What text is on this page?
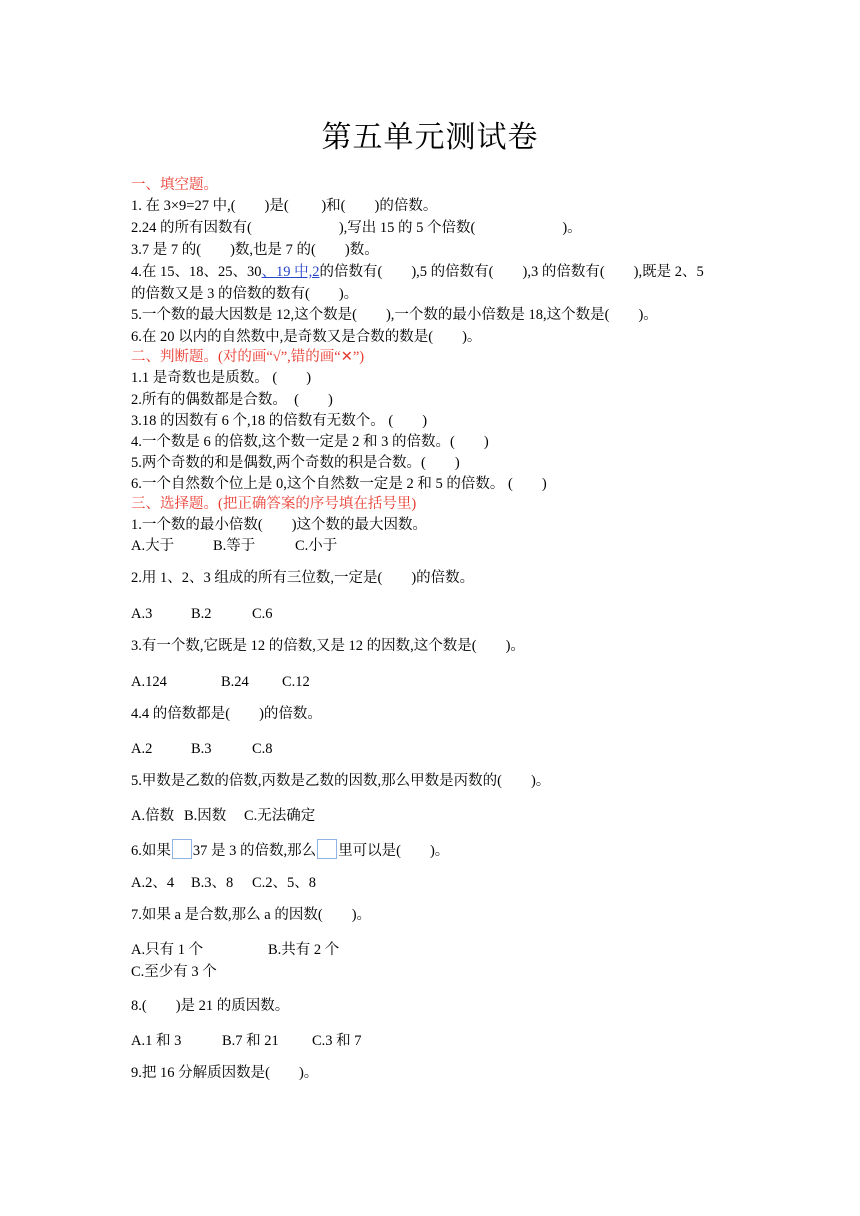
第五单元测试卷
一、填空题。
1. 在 3×9=27 中,(　　)是(　　 )和(　　)的倍数。
2.24 的所有因数有(　　　　　　),写出 15 的 5 个倍数(　　　　　　)。
3.7 是 7 的(　　)数,也是 7 的(　　)数。
4.在 15、18、25、30、19 中,2的倍数有(　　),5 的倍数有(　　),3 的倍数有(　　),既是 2、5
的倍数又是 3 的倍数的数有(　　)。
5.一个数的最大因数是 12,这个数是(　　),一个数的最小倍数是 18,这个数是(　　)。
6.在 20 以内的自然数中,是奇数又是合数的数是(　　)。
二、判断题。(对的画“√”,错的画“✕”)
1.1 是奇数也是质数。 (　　)
2.所有的偶数都是合数。　(　　)
3.18 的因数有 6 个,18 的倍数有无数个。 (　　)
4.一个数是 6 的倍数,这个数一定是 2 和 3 的倍数。(　　)
5.两个奇数的和是偶数,两个奇数的积是合数。(　　)
6.一个自然数个位上是 0,这个自然数一定是 2 和 5 的倍数。 (　　)
三、选择题。(把正确答案的序号填在括号里)
1.一个数的最小倍数(　　)这个数的最大因数。
A.大于	B.等于	C.小于
2.用 1、2、3 组成的所有三位数,一定是(　　)的倍数。
A.3	B.2	C.6
3.有一个数,它既是 12 的倍数,又是 12 的因数,这个数是(　　)。
A.124	B.24 C.12
4.4 的倍数都是(　　)的倍数。
A.2	B.3	C.8
5.甲数是乙数的倍数,丙数是乙数的因数,那么甲数是丙数的(　　)。
A.倍数 B.因数 C.无法确定
6.如果 37 是 3 的倍数,那么 里可以是(　　)。
A.2、4 B.3、8 C.2、5、8
7.如果 a 是合数,那么 a 的因数(　　)。
A.只有 1 个	B.共有 2 个
C.至少有 3 个
8.(　　)是 21 的质因数。
A.1 和 3	B.7 和 21 C.3 和 7
9.把 16 分解质因数是(　　)。
